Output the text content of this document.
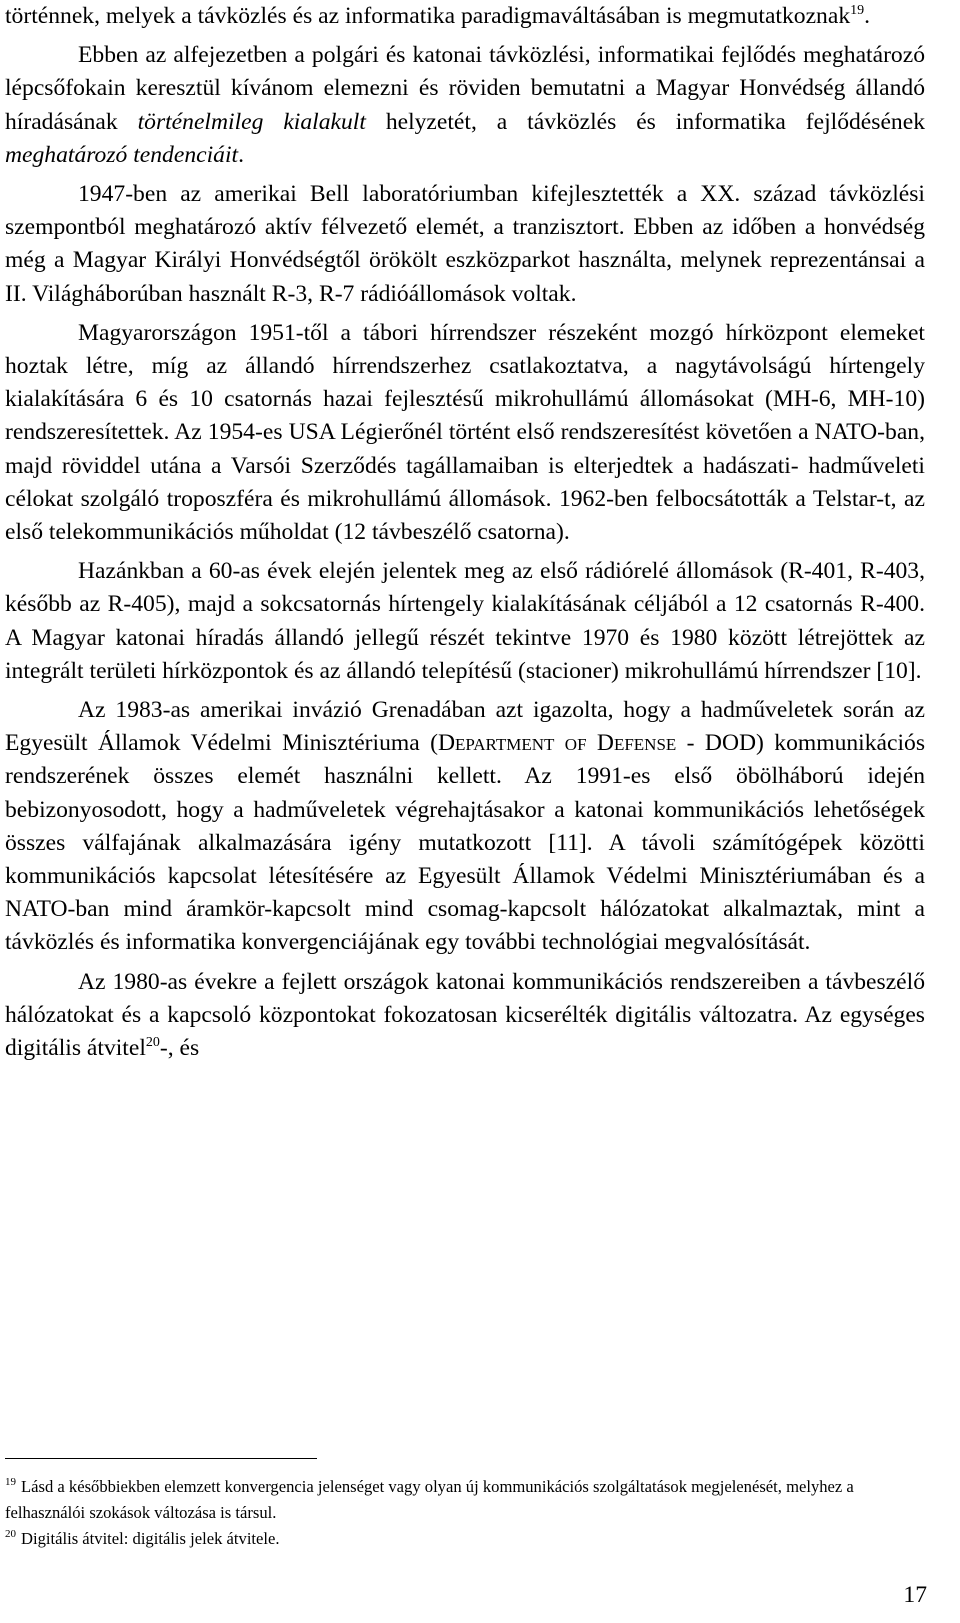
történnek, melyek a távközlés és az informatika paradigmaváltásában is megmutatkoznak$^{19}$.

Ebben az alfejezetben a polgári és katonai távközlési, informatikai fejlődés meghatározó lépcsőfokain keresztül kívánom elemezni és röviden bemutatni a Magyar Honvédség állandó híradásának történelmileg kialakult helyzetét, a távközlés és informatika fejlődésének meghatározó tendenciáit.

1947-ben az amerikai Bell laboratóriumban kifejlesztették a XX. század távközlési szempontból meghatározó aktív félvezető elemét, a tranzisztort. Ebben az időben a honvédség még a Magyar Királyi Honvédségtől örökölt eszközparkot használta, melynek reprezentánsai a II. Világháborúban használt R-3, R-7 rádióállomások voltak.

Magyarországon 1951-től a tábori hírrendszer részeként mozgó hírközpont elemeket hoztak létre, míg az állandó hírrendszerhez csatlakoztatva, a nagytávolságú hírtengely kialakítására 6 és 10 csatornás hazai fejlesztésű mikrohullámú állomásokat (MH-6, MH-10) rendszeresítettek. Az 1954-es USA Légierőnél történt első rendszeresítést követően a NATO-ban, majd röviddel utána a Varsói Szerződés tagállamaiban is elterjedtek a hadászati- hadműveleti célokat szolgáló troposzféra és mikrohullámú állomások. 1962-ben felbocsátották a Telstar-t, az első telekommunikációs műholdat (12 távbeszélő csatorna).

Hazánkban a 60-as évek elején jelentek meg az első rádiórelé állomások (R-401, R-403, később az R-405), majd a sokcsatornás hírtengely kialakításának céljából a 12 csatornás R-400. A Magyar katonai híradás állandó jellegű részét tekintve 1970 és 1980 között létrejöttek az integrált területi hírközpontok és az állandó telepítésű (stacioner) mikrohullámú hírrendszer [10].

Az 1983-as amerikai invázió Grenadában azt igazolta, hogy a hadműveletek során az Egyesült Államok Védelmi Minisztériuma (Department of Defense - DOD) kommunikációs rendszerének összes elemét használni kellett. Az 1991-es első öbölháború idején bebizonyosodott, hogy a hadműveletek végrehajtásakor a katonai kommunikációs lehetőségek összes válfajának alkalmazására igény mutatkozott [11]. A távoli számítógépek közötti kommunikációs kapcsolat létesítésére az Egyesült Államok Védelmi Minisztériumában és a NATO-ban mind áramkör-kapcsolt mind csomag-kapcsolt hálózatokat alkalmaztak, mint a távközlés és informatika konvergenciájának egy további technológiai megvalósítását.

Az 1980-as évekre a fejlett országok katonai kommunikációs rendszereiben a távbeszélő hálózatokat és a kapcsoló központokat fokozatosan kicserélték digitális változatra. Az egységes digitális átvitel$^{20}$-, és

$^{19}$ Lásd a későbbiekben elemzett konvergencia jelenséget vagy olyan új kommunikációs szolgáltatások megjelenését, melyhez a felhasználói szokások változása is társul.

$^{20}$ Digitális átvitel: digitális jelek átvitele.

17
